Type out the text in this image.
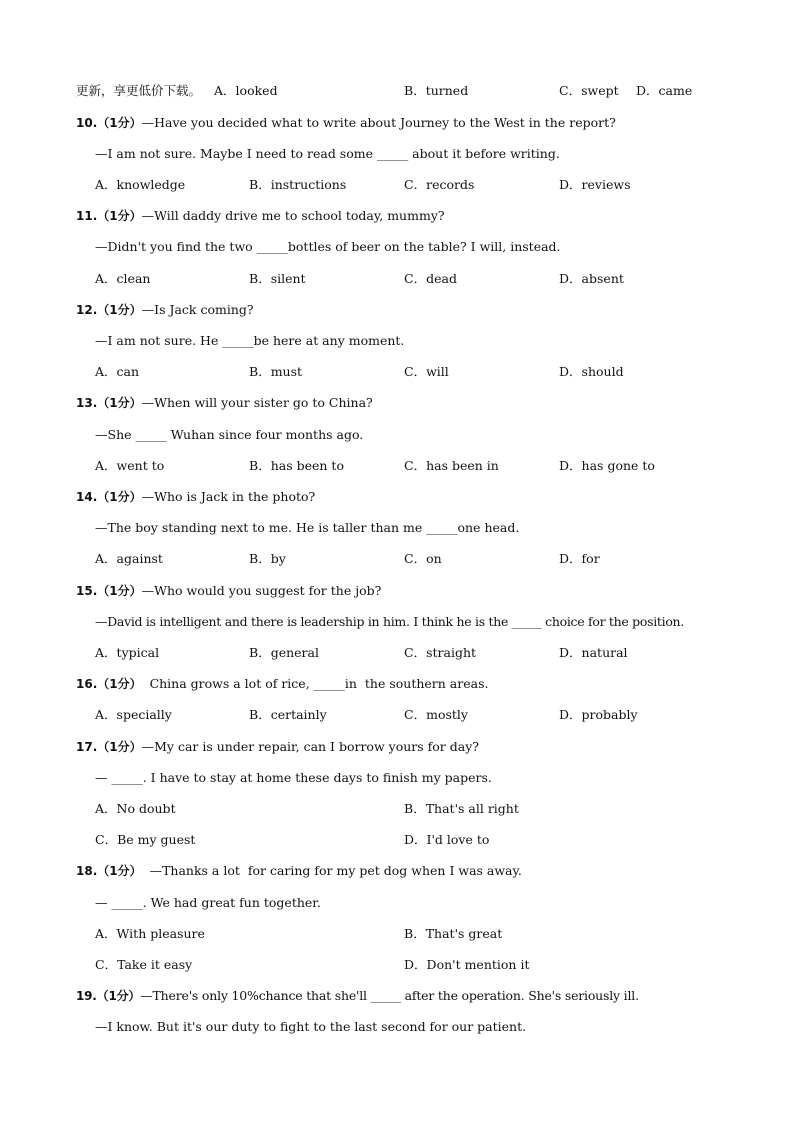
更新，享更低价下载。 A．looked	B．turned	C．swept D．came
10.（1分）—Have you decided what to write about Journey to the West in the report?
—I am not sure. Maybe I need to read some _____ about it before writing.
A．knowledge	B．instructions	C．records	D．reviews
11.（1分）—Will daddy drive me to school today, mummy?
—Didn't you find the two _____bottles of beer on the table? I will, instead.
A．clean	B．silent	C．dead	D．absent
12.（1分）—Is Jack coming?
—I am not sure. He _____be here at any moment.
A．can	B．must	C．will	D．should
13.（1分）—When will your sister go to China?
—She _____ Wuhan since four months ago.
A．went to	B．has been to	C．has been in	D．has gone to
14.（1分）—Who is Jack in the photo?
—The boy standing next to me. He is taller than me _____one head.
A．against	B．by	C．on	D．for
15.（1分）—Who would you suggest for the job?
—David is intelligent and there is leadership in him. I think he is the _____ choice for the position.
A．typical	B．general	C．straight	D．natural
16.（1分）  China grows a lot of rice, _____in  the southern areas.
A．specially	B．certainly	C．mostly	D．probably
17.（1分）—My car is under repair, can I borrow yours for day?
— _____. I have to stay at home these days to finish my papers.
A．No doubt	B．That's all right
C．Be my guest	D．I'd love to
18.（1分）  —Thanks a lot  for caring for my pet dog when I was away.
— _____. We had great fun together.
A．With pleasure	B．That's great
C．Take it easy	D．Don't mention it
19.（1分）—There's only 10%chance that she'll _____ after the operation. She's seriously ill.
—I know. But it's our duty to fight to the last second for our patient.
